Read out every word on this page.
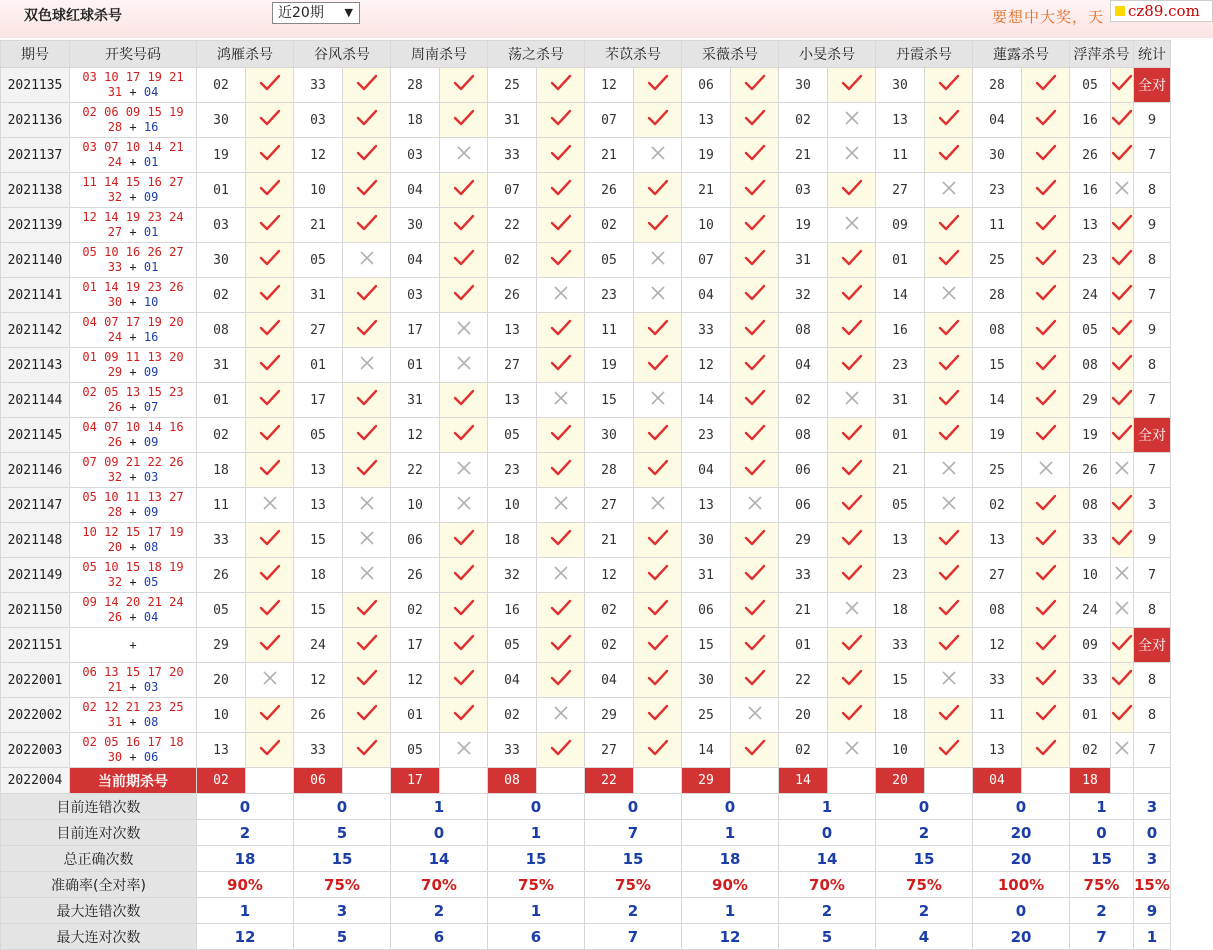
双色球红球杀号	近20期 ▼	要想中大奖，天	cz89.com
期号	开奖号码	鸿雁杀号		谷风杀号		周南杀号		荡之杀号		芣苡杀号		采薇杀号		小旻杀号		丹霞杀号		蓮露杀号		浮萍杀号		统计
2021135	03 10 17 19 21
31 + 04	02		33		28		25		12		06		30		30		28		05		全对
2021136	02 06 09 15 19
28 + 16	30		03		18		31		07		13		02		13		04		16		9
2021137	03 07 10 14 21
24 + 01	19		12		03		33		21		19		21		11		30		26		7
2021138	11 14 15 16 27
32 + 09	01		10		04		07		26		21		03		27		23		16		8
2021139	12 14 19 23 24
27 + 01	03		21		30		22		02		10		19		09		11		13		9
2021140	05 10 16 26 27
33 + 01	30		05		04		02		05		07		31		01		25		23		8
2021141	01 14 19 23 26
30 + 10	02		31		03		26		23		04		32		14		28		24		7
2021142	04 07 17 19 20
24 + 16	08		27		17		13		11		33		08		16		08		05		9
2021143	01 09 11 13 20
29 + 09	31		01		01		27		19		12		04		23		15		08		8
2021144	02 05 13 15 23
26 + 07	01		17		31		13		15		14		02		31		14		29		7
2021145	04 07 10 14 16
26 + 09	02		05		12		05		30		23		08		01		19		19		全对
2021146	07 09 21 22 26
32 + 03	18		13		22		23		28		04		06		21		25		26		7
2021147	05 10 11 13 27
28 + 09	11		13		10		10		27		13		06		05		02		08		3
2021148	10 12 15 17 19
20 + 08	33		15		06		18		21		30		29		13		13		33		9
2021149	05 10 15 18 19
32 + 05	26		18		26		32		12		31		33		23		27		10		7
2021150	09 14 20 21 24
26 + 04	05		15		02		16		02		06		21		18		08		24		8
2021151	+	29		24		17		05		02		15		01		33		12		09		全对
2022001	06 13 15 17 20
21 + 03	20		12		12		04		04		30		22		15		33		33		8
2022002	02 12 21 23 25
31 + 08	10		26		01		02		29		25		20		18		11		01		8
2022003	02 05 16 17 18
30 + 06	13		33		05		33		27		14		02		10		13		02		7
2022004	当前期杀号	02		06		17		08		22		29		14		20		04		18		
目前连错次数		0		0		1		0		0		0		1		0		0		1		3
目前连对次数		2		5		0		1		7		1		0		2		20		0		0
总正确次数		18		15		14		15		15		18		14		15		20		15		3
准确率(全对率)		90%		75%		70%		75%		75%		90%		70%		75%		100%		75%		15%
最大连错次数		1		3		2		1		2		1		2		2		0		2		9
最大连对次数		12		5		6		6		7		12		5		4		20		7		1
